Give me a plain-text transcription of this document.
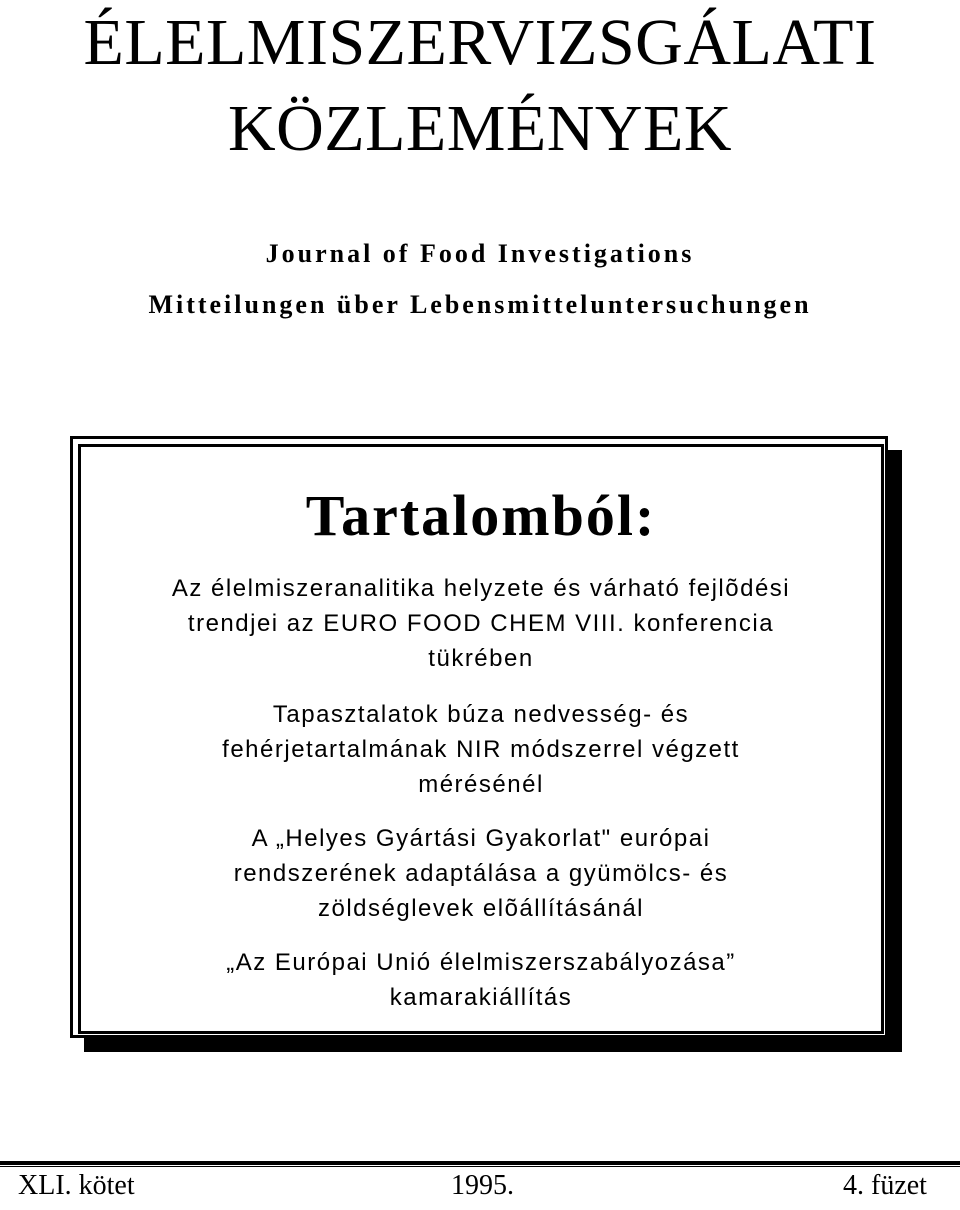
ÉLELMISZERVIZSGÁLATI
KÖZLEMÉNYEK
Journal of Food Investigations
Mitteilungen über Lebensmitteluntersuchungen
Tartalomból:
Az élelmiszeranalitika helyzete és várható fejlõdési
trendjei az EURO FOOD CHEM VIII. konferencia
tükrében
Tapasztalatok búza nedvesség- és
fehérjetartalmának NIR módszerrel végzett
mérésénél
A „Helyes Gyártási Gyakorlat" európai
rendszerének adaptálása a gyümölcs- és
zöldséglevek elõállításánál
„Az Európai Unió élelmiszerszabályozása”
kamarakiállítás
XLI. kötet	1995.	4. füzet
